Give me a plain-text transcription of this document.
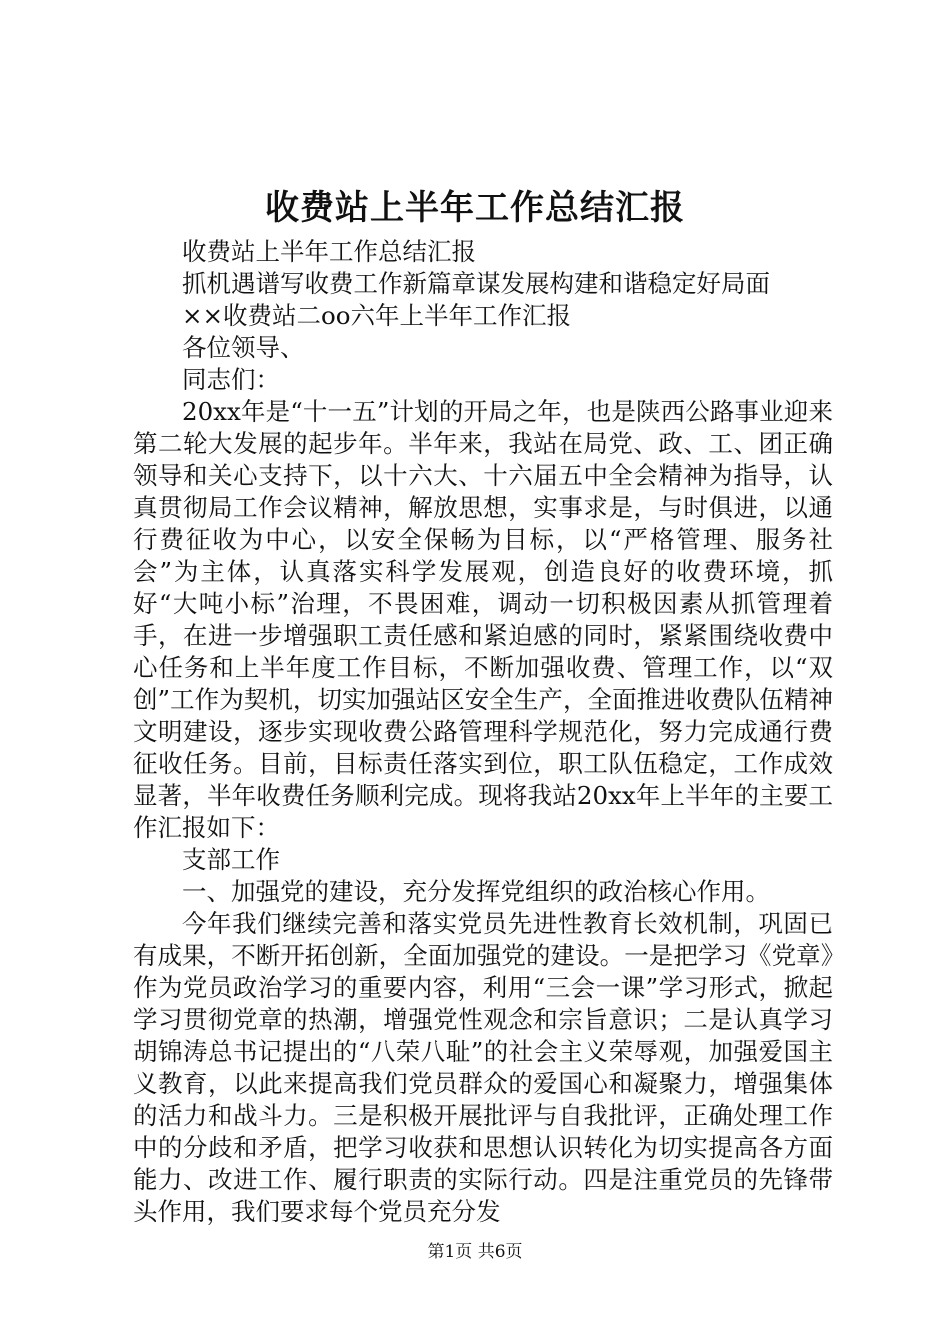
收费站上半年工作总结汇报

收费站上半年工作总结汇报

抓机遇谱写收费工作新篇章谋发展构建和谐稳定好局面

××收费站二oo六年上半年工作汇报

各位领导、

同志们：

20xx年是“十一五”计划的开局之年，也是陕西公路事业迎来第二轮大发展的起步年。半年来，我站在局党、政、工、团正确领导和关心支持下，以十六大、十六届五中全会精神为指导，认真贯彻局工作会议精神，解放思想，实事求是，与时俱进，以通行费征收为中心，以安全保畅为目标，以“严格管理、服务社会”为主体，认真落实科学发展观，创造良好的收费环境，抓好“大吨小标”治理，不畏困难，调动一切积极因素从抓管理着手，在进一步增强职工责任感和紧迫感的同时，紧紧围绕收费中心任务和上半年度工作目标，不断加强收费、管理工作，以“双创”工作为契机，切实加强站区安全生产，全面推进收费队伍精神文明建设，逐步实现收费公路管理科学规范化，努力完成通行费征收任务。目前，目标责任落实到位，职工队伍稳定，工作成效显著，半年收费任务顺利完成。现将我站20xx年上半年的主要工作汇报如下：

支部工作

一、加强党的建设，充分发挥党组织的政治核心作用。

今年我们继续完善和落实党员先进性教育长效机制，巩固已有成果，不断开拓创新，全面加强党的建设。一是把学习《党章》作为党员政治学习的重要内容，利用“三会一课”学习形式，掀起学习贯彻党章的热潮，增强党性观念和宗旨意识；二是认真学习胡锦涛总书记提出的“八荣八耻”的社会主义荣辱观，加强爱国主义教育，以此来提高我们党员群众的爱国心和凝聚力，增强集体的活力和战斗力。三是积极开展批评与自我批评，正确处理工作中的分歧和矛盾，把学习收获和思想认识转化为切实提高各方面能力、改进工作、履行职责的实际行动。四是注重党员的先锋带头作用，我们要求每个党员充分发

第1页 共6页
